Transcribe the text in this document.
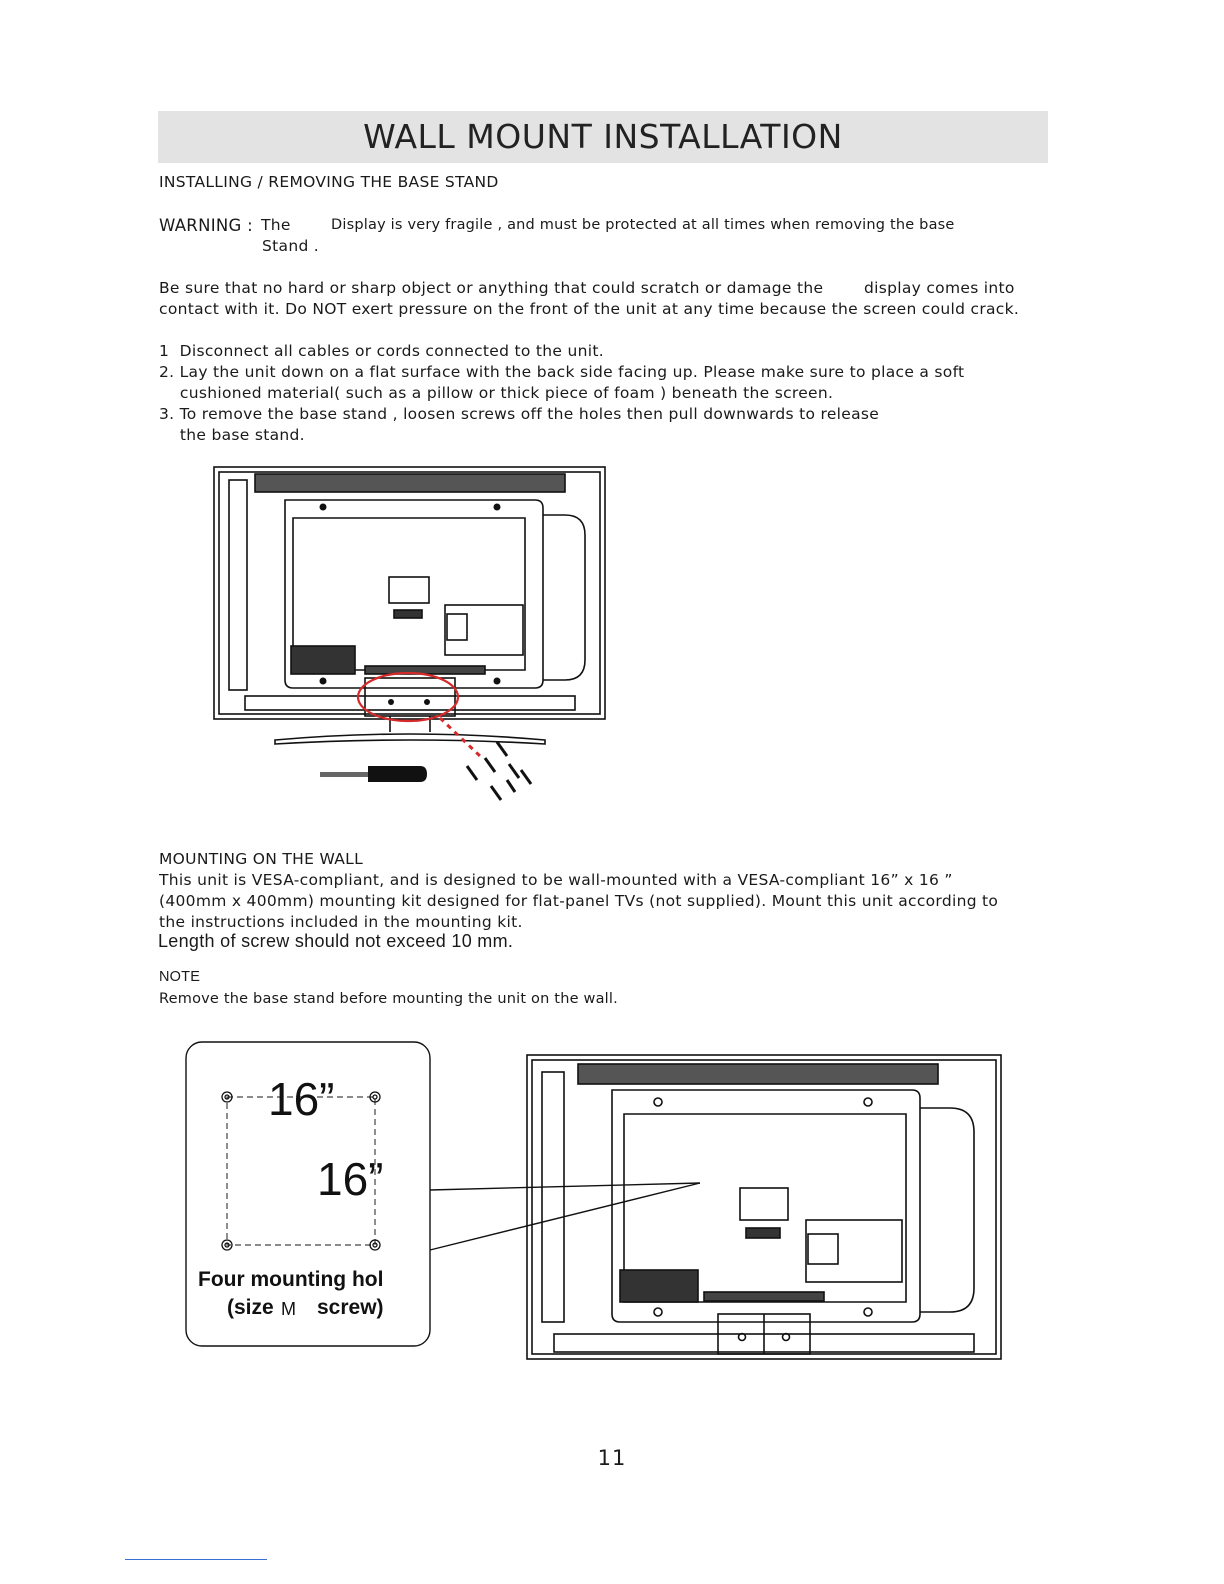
WALL MOUNT INSTALLATION
INSTALLING / REMOVING THE BASE STAND
WARNING : The	Display is very fragile , and must be protected at all times when removing the base
Stand .
Be sure that no hard or sharp object or anything that could scratch or damage the	display comes into
contact with it. Do NOT exert pressure on the front of the unit at any time because the screen could crack.
1  Disconnect all cables or cords connected to the unit.
2. Lay the unit down on a flat surface with the back side facing up. Please make sure to place a soft
cushioned material( such as a pillow or thick piece of foam ) beneath the screen.
3. To remove the base stand , loosen screws off the holes then pull downwards to release
the base stand.
MOUNTING ON THE WALL
This unit is VESA-compliant, and is designed to be wall-mounted with a VESA-compliant 16” x 16 ”
(400mm x 400mm) mounting kit designed for flat-panel TVs (not supplied). Mount this unit according to
the instructions included in the mounting kit.
Length of screw should not exceed 10 mm.
NOTE
Remove the base stand before mounting the unit on the wall.
16”
16”
Four mounting hol
(size M screw)
11
